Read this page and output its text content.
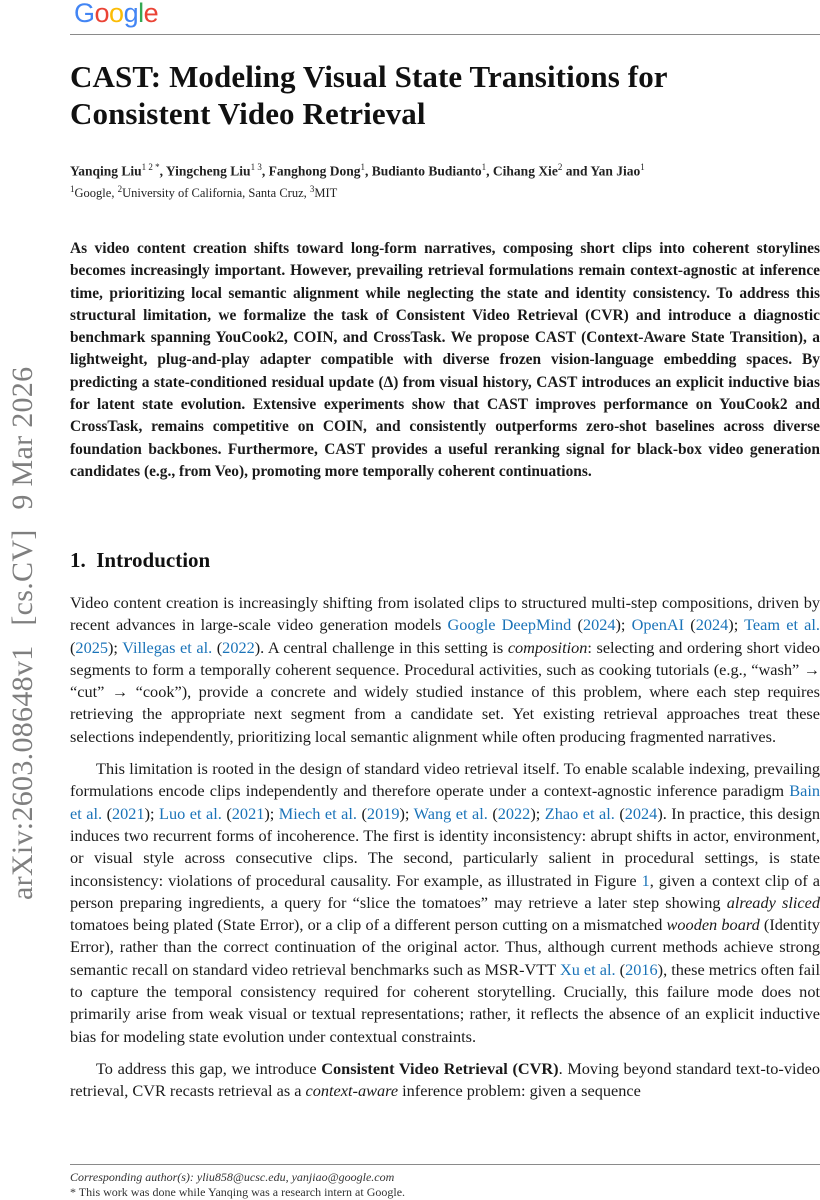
Google
arXiv:2603.08648v1 [cs.CV] 9 Mar 2026
CAST: Modeling Visual State Transitions for
Consistent Video Retrieval
Yanqing Liu$^{1 2 *}$, Yingcheng Liu$^{1 3}$, Fanghong Dong$^1$, Budianto Budianto$^1$, Cihang Xie$^2$ and Yan Jiao$^1$
$^1$Google, $^2$University of California, Santa Cruz, $^3$MIT
As video content creation shifts toward long-form narratives, composing short clips into coherent storylines becomes increasingly important. However, prevailing retrieval formulations remain context-agnostic at inference time, prioritizing local semantic alignment while neglecting the state and identity consistency. To address this structural limitation, we formalize the task of Consistent Video Retrieval (CVR) and introduce a diagnostic benchmark spanning YouCook2, COIN, and CrossTask. We propose CAST (Context-Aware State Transition), a lightweight, plug-and-play adapter compatible with diverse frozen vision-language embedding spaces. By predicting a state-conditioned residual update (Δ) from visual history, CAST introduces an explicit inductive bias for latent state evolution. Extensive experiments show that CAST improves performance on YouCook2 and CrossTask, remains competitive on COIN, and consistently outperforms zero-shot baselines across diverse foundation backbones. Furthermore, CAST provides a useful reranking signal for black-box video generation candidates (e.g., from Veo), promoting more temporally coherent continuations.
1. Introduction

Video content creation is increasingly shifting from isolated clips to structured multi-step compositions, driven by recent advances in large-scale video generation models Google DeepMind (2024); OpenAI (2024); Team et al. (2025); Villegas et al. (2022). A central challenge in this setting is composition: selecting and ordering short video segments to form a temporally coherent sequence. Procedural activities, such as cooking tutorials (e.g., “wash” → “cut” → “cook”), provide a concrete and widely studied instance of this problem, where each step requires retrieving the appropriate next segment from a candidate set. Yet existing retrieval approaches treat these selections independently, prioritizing local semantic alignment while often producing fragmented narratives.

This limitation is rooted in the design of standard video retrieval itself. To enable scalable indexing, prevailing formulations encode clips independently and therefore operate under a context-agnostic inference paradigm Bain et al. (2021); Luo et al. (2021); Miech et al. (2019); Wang et al. (2022); Zhao et al. (2024). In practice, this design induces two recurrent forms of incoherence. The first is identity inconsistency: abrupt shifts in actor, environment, or visual style across consecutive clips. The second, particularly salient in procedural settings, is state inconsistency: violations of procedural causality. For example, as illustrated in Figure 1, given a context clip of a person preparing ingredients, a query for “slice the tomatoes” may retrieve a later step showing already sliced tomatoes being plated (State Error), or a clip of a different person cutting on a mismatched wooden board (Identity Error), rather than the correct continuation of the original actor. Thus, although current methods achieve strong semantic recall on standard video retrieval benchmarks such as MSR-VTT Xu et al. (2016), these metrics often fail to capture the temporal consistency required for coherent storytelling. Crucially, this failure mode does not primarily arise from weak visual or textual representations; rather, it reflects the absence of an explicit inductive bias for modeling state evolution under contextual constraints.

To address this gap, we introduce Consistent Video Retrieval (CVR). Moving beyond standard text-to-video retrieval, CVR recasts retrieval as a context-aware inference problem: given a sequence

Corresponding author(s): yliu858@ucsc.edu, yanjiao@google.com
* This work was done while Yanqing was a research intern at Google.
